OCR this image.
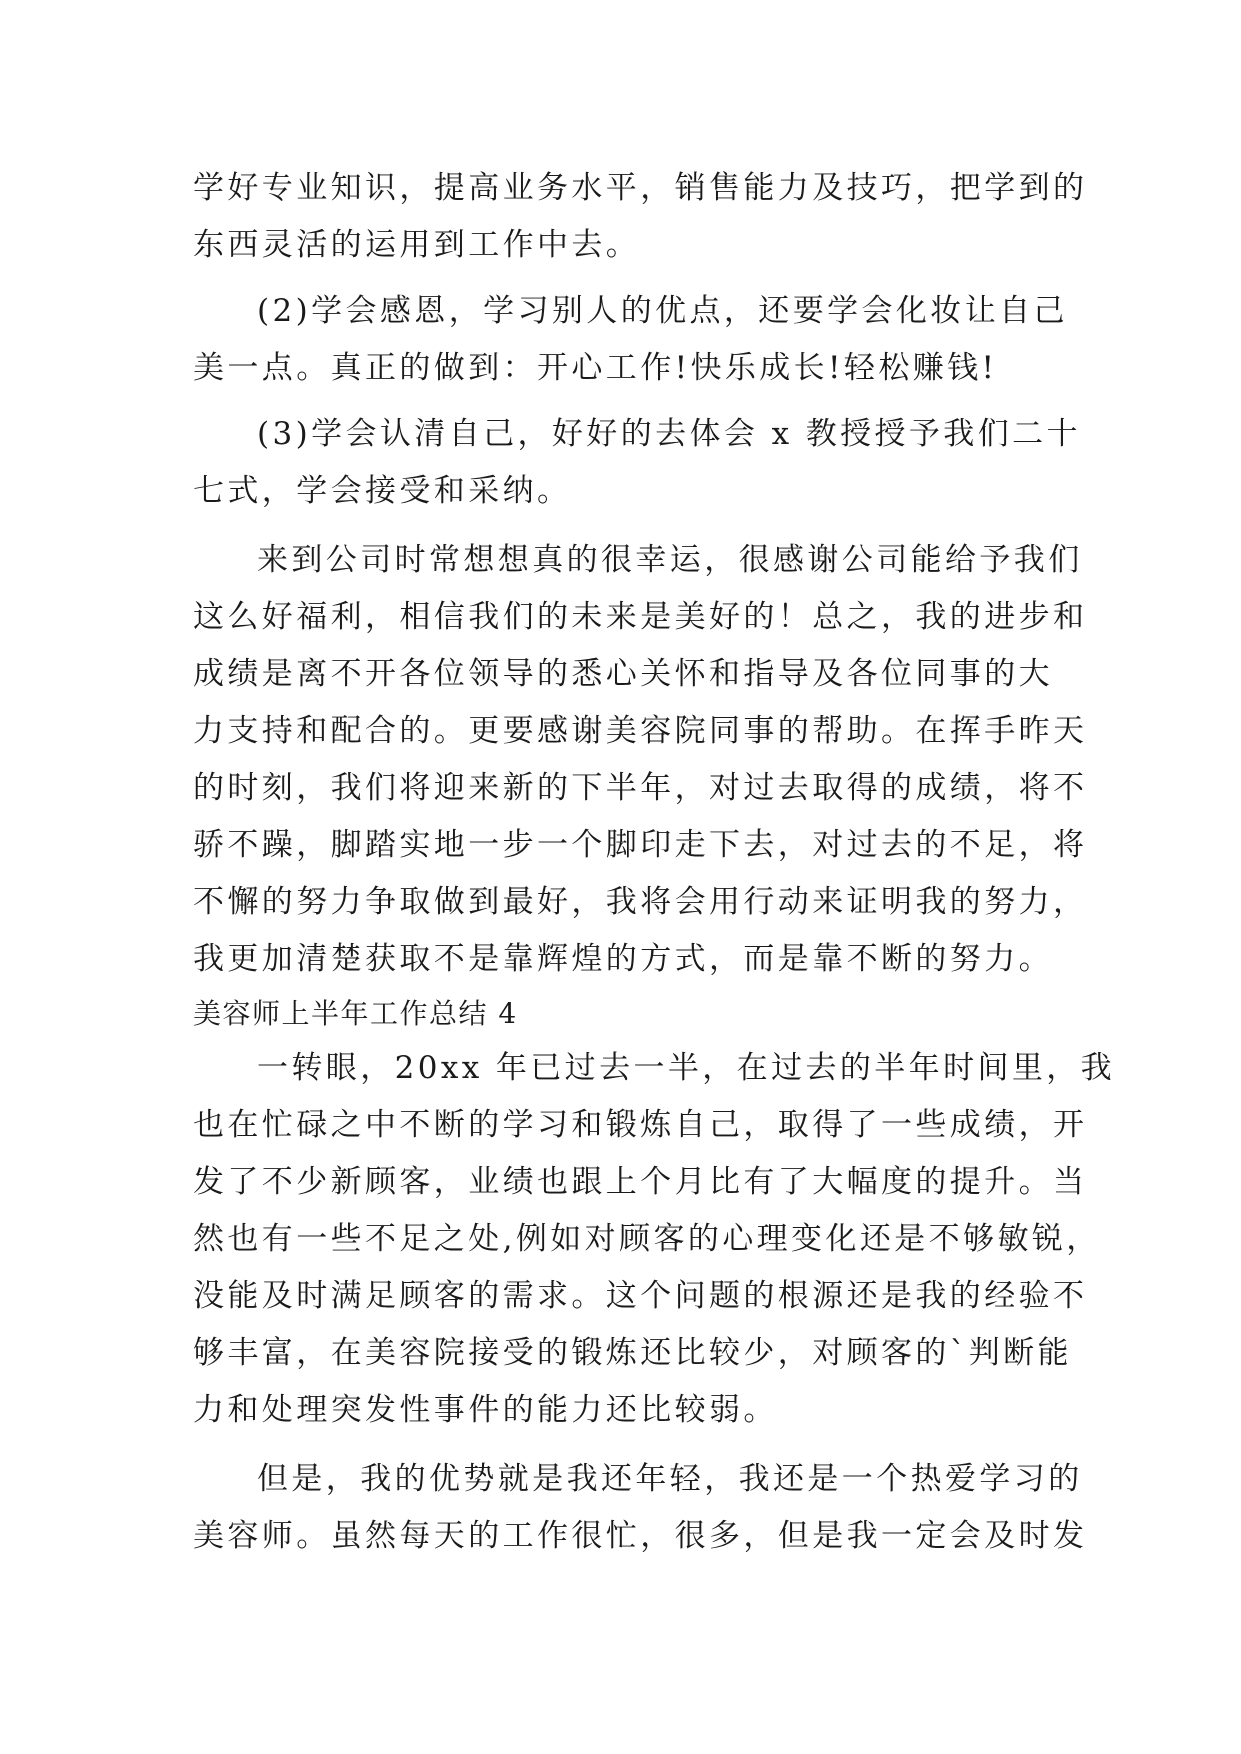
学好专业知识，提高业务水平，销售能力及技巧，把学到的
东西灵活的运用到工作中去。
(2)学会感恩，学习别人的优点，还要学会化妆让自己
美一点。真正的做到：开心工作!快乐成长!轻松赚钱!
(3)学会认清自己，好好的去体会 x 教授授予我们二十
七式，学会接受和采纳。
来到公司时常想想真的很幸运，很感谢公司能给予我们
这么好福利，相信我们的未来是美好的！总之，我的进步和
成绩是离不开各位领导的悉心关怀和指导及各位同事的大
力支持和配合的。更要感谢美容院同事的帮助。在挥手昨天
的时刻，我们将迎来新的下半年，对过去取得的成绩，将不
骄不躁，脚踏实地一步一个脚印走下去，对过去的不足，将
不懈的努力争取做到最好，我将会用行动来证明我的努力，
我更加清楚获取不是靠辉煌的方式，而是靠不断的努力。
美容师上半年工作总结 4
一转眼，20xx 年已过去一半，在过去的半年时间里，我
也在忙碌之中不断的学习和锻炼自己，取得了一些成绩，开
发了不少新顾客，业绩也跟上个月比有了大幅度的提升。当
然也有一些不足之处,例如对顾客的心理变化还是不够敏锐，
没能及时满足顾客的需求。这个问题的根源还是我的经验不
够丰富，在美容院接受的锻炼还比较少，对顾客的`判断能
力和处理突发性事件的能力还比较弱。
但是，我的优势就是我还年轻，我还是一个热爱学习的
美容师。虽然每天的工作很忙，很多，但是我一定会及时发
